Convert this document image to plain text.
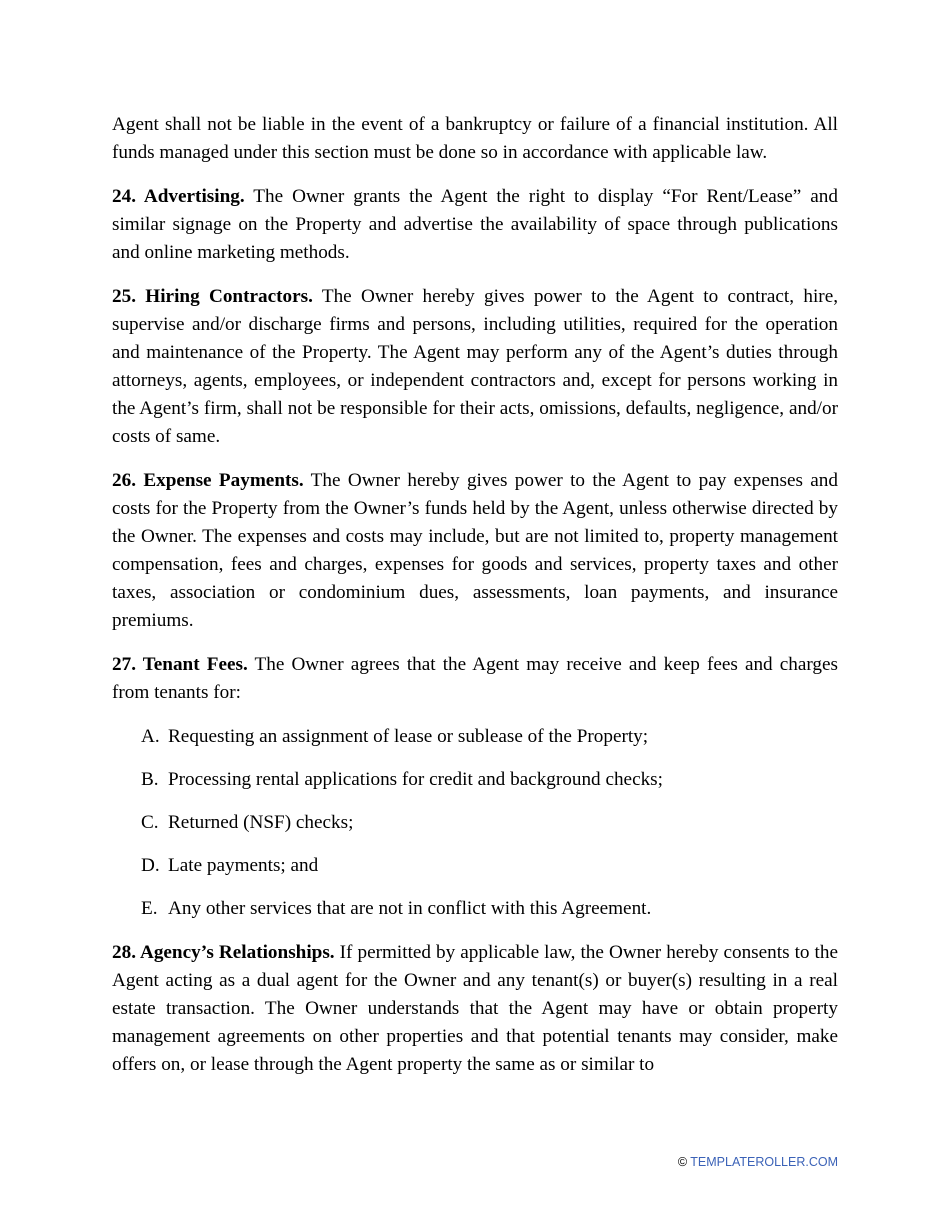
Agent shall not be liable in the event of a bankruptcy or failure of a financial institution. All funds managed under this section must be done so in accordance with applicable law.

24. Advertising. The Owner grants the Agent the right to display “For Rent/Lease” and similar signage on the Property and advertise the availability of space through publications and online marketing methods.

25. Hiring Contractors. The Owner hereby gives power to the Agent to contract, hire, supervise and/or discharge firms and persons, including utilities, required for the operation and maintenance of the Property. The Agent may perform any of the Agent’s duties through attorneys, agents, employees, or independent contractors and, except for persons working in the Agent’s firm, shall not be responsible for their acts, omissions, defaults, negligence, and/or costs of same.

26. Expense Payments. The Owner hereby gives power to the Agent to pay expenses and costs for the Property from the Owner’s funds held by the Agent, unless otherwise directed by the Owner. The expenses and costs may include, but are not limited to, property management compensation, fees and charges, expenses for goods and services, property taxes and other taxes, association or condominium dues, assessments, loan payments, and insurance premiums.

27. Tenant Fees. The Owner agrees that the Agent may receive and keep fees and charges from tenants for:

A. Requesting an assignment of lease or sublease of the Property;
B. Processing rental applications for credit and background checks;
C. Returned (NSF) checks;
D. Late payments; and
E. Any other services that are not in conflict with this Agreement.

28. Agency’s Relationships. If permitted by applicable law, the Owner hereby consents to the Agent acting as a dual agent for the Owner and any tenant(s) or buyer(s) resulting in a real estate transaction. The Owner understands that the Agent may have or obtain property management agreements on other properties and that potential tenants may consider, make offers on, or lease through the Agent property the same as or similar to

© TEMPLATEROLLER.COM
